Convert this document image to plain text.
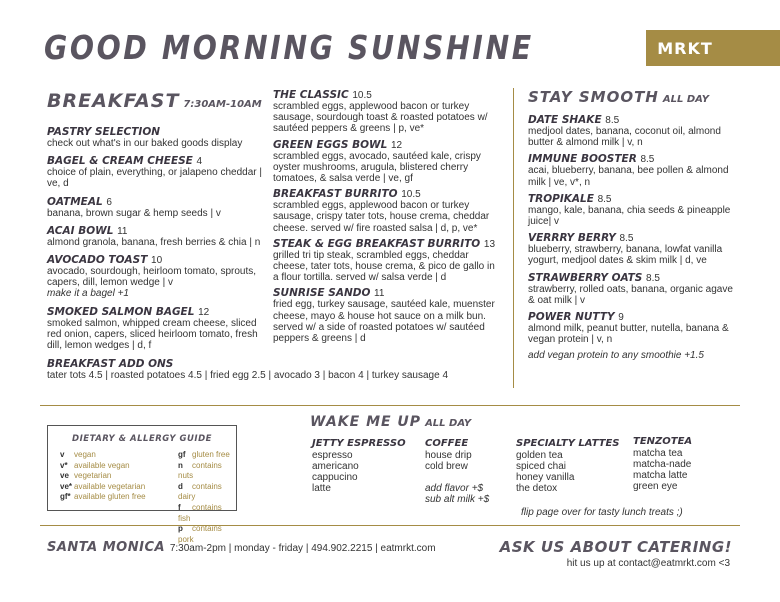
GOOD MORNING SUNSHINE	MRKT
BREAKFAST 7:30AM-10AM
PASTRY SELECTION
check out what's in our baked goods display
BAGEL & CREAM CHEESE 4
choice of plain, everything, or jalapeno cheddar | ve, d
OATMEAL 6
banana, brown sugar & hemp seeds | v
ACAI BOWL 11
almond granola, banana, fresh berries & chia | n
AVOCADO TOAST 10
avocado, sourdough, heirloom tomato, sprouts, capers, dill, lemon wedge | v
make it a bagel +1
SMOKED SALMON BAGEL 12
smoked salmon, whipped cream cheese, sliced red onion, capers, sliced heirloom tomato, fresh dill, lemon wedges | d, f
BREAKFAST ADD ONS
tater tots 4.5 | roasted potatoes 4.5 | fried egg 2.5 | avocado 3 | bacon 4 | turkey sausage 4
THE CLASSIC 10.5
scrambled eggs, applewood bacon or turkey sausage, sourdough toast & roasted potatoes w/ sautéed peppers & greens | p, ve*
GREEN EGGS BOWL 12
scrambled eggs, avocado, sautéed kale, crispy oyster mushrooms, arugula, blistered cherry tomatoes, & salsa verde | ve, gf
BREAKFAST BURRITO 10.5
scrambled eggs, applewood bacon or turkey sausage, crispy tater tots, house crema, cheddar cheese. served w/ fire roasted salsa | d, p, ve*
STEAK & EGG BREAKFAST BURRITO 13
grilled tri tip steak, scrambled eggs, cheddar cheese, tater tots, house crema, & pico de gallo in a flour tortilla. served w/ salsa verde | d
SUNRISE SANDO 11
fried egg, turkey sausage, sautéed kale, muenster cheese, mayo & house hot sauce on a milk bun. served w/ a side of roasted potatoes w/ sautéed peppers & greens | d
STAY SMOOTH ALL DAY
DATE SHAKE 8.5
medjool dates, banana, coconut oil, almond butter & almond milk | v, n
IMMUNE BOOSTER 8.5
acai, blueberry, banana, bee pollen & almond milk | ve, v*, n
TROPIKALE 8.5
mango, kale, banana, chia seeds & pineapple juice| v
VERRRY BERRY 8.5
blueberry, strawberry, banana, lowfat vanilla yogurt, medjool dates & skim milk | d, ve
STRAWBERRY OATS 8.5
strawberry, rolled oats, banana, organic agave & oat milk | v
POWER NUTTY 9
almond milk, peanut butter, nutella, banana & vegan protein | v, n
add vegan protein to any smoothie +1.5
DIETARY & ALLERGY GUIDE
v vegan
v* available vegan
ve vegetarian
ve* available vegetarian
gf* available gluten free
gf gluten free
n contains nuts
d contains dairy
f contains fish
p contains pork
WAKE ME UP ALL DAY
JETTY ESPRESSO
espresso
americano
cappucino
latte
COFFEE
house drip
cold brew
add flavor +$
sub alt milk +$
SPECIALTY LATTES
golden tea
spiced chai
honey vanilla
the detox
TENZOTEA
matcha tea
matcha-nade
matcha latte
green eye
flip page over for tasty lunch treats ;)
SANTA MONICA 7:30am-2pm | monday - friday | 494.902.2215 | eatmrkt.com	ASK US ABOUT CATERING!
hit us up at contact@eatmrkt.com <3
